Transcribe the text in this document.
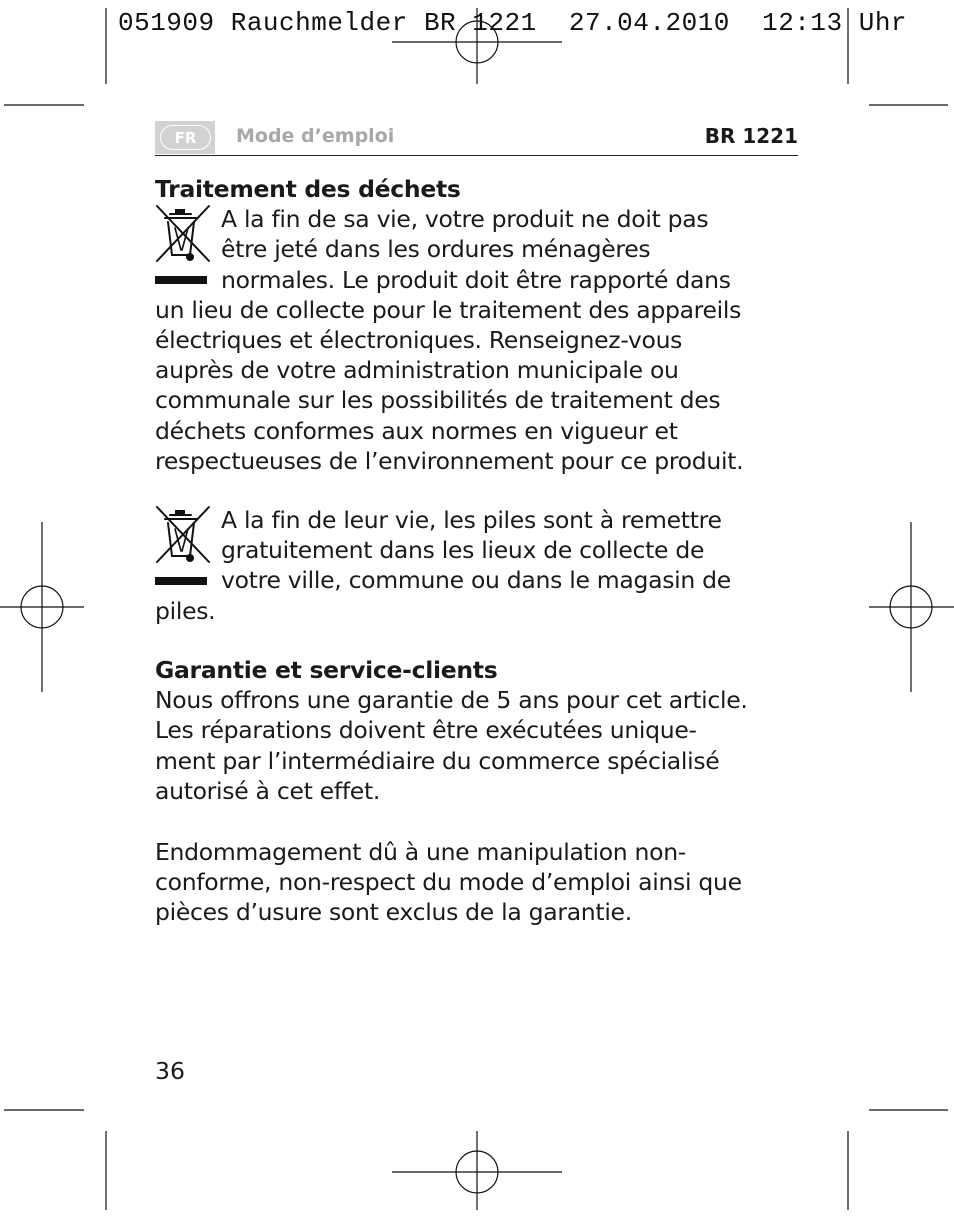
051909 Rauchmelder BR 1221  27.04.2010  12:13 Uhr
FR	Mode d’emploi	BR 1221
Traitement des déchets
A la fin de sa vie, votre produit ne doit pas
être jeté dans les ordures ménagères
normales. Le produit doit être rapporté dans
un lieu de collecte pour le traitement des appareils
électriques et électroniques. Renseignez-vous
auprès de votre administration municipale ou
communale sur les possibilités de traitement des
déchets conformes aux normes en vigueur et
respectueuses de l’environnement pour ce produit.
A la fin de leur vie, les piles sont à remettre
gratuitement dans les lieux de collecte de
votre ville, commune ou dans le magasin de
piles.
Garantie et service-clients
Nous offrons une garantie de 5 ans pour cet article.
Les réparations doivent être exécutées unique-
ment par l’intermédiaire du commerce spécialisé
autorisé à cet effet.
Endommagement dû à une manipulation non-
conforme, non-respect du mode d’emploi ainsi que
pièces d’usure sont exclus de la garantie.
36
